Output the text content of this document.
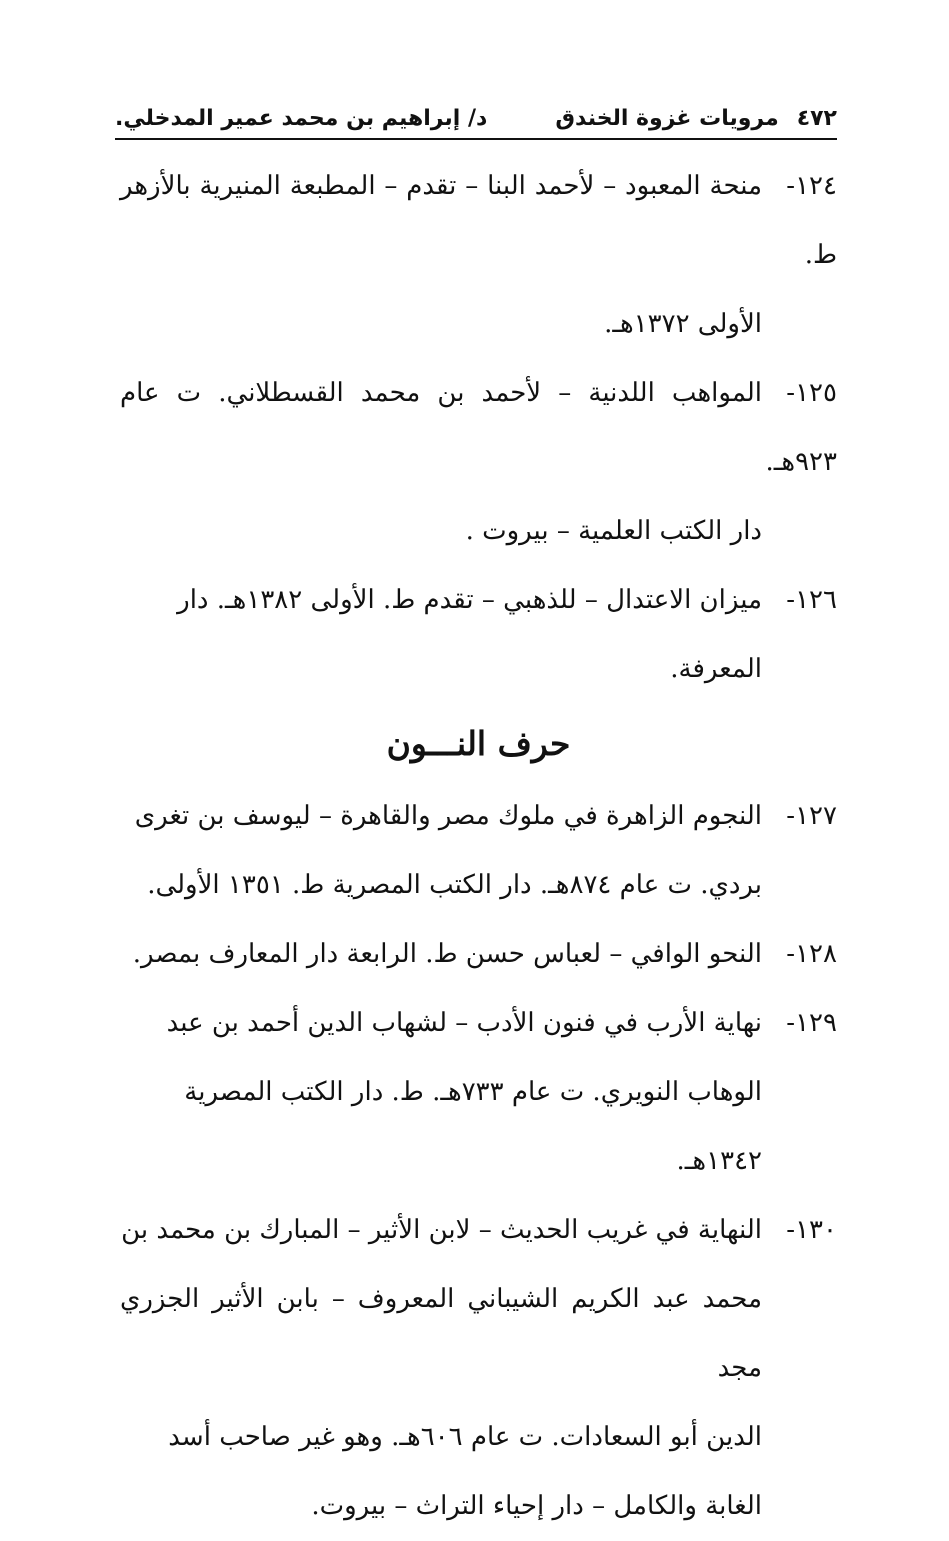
٤٧٢
مرويات غزوة الخندق
د/ إبراهيم بن محمد عمير المدخلي.
١٢٤-منحة المعبود – لأحمد البنا – تقدم – المطبعة المنيرية بالأزهر ط.
الأولى ١٣٧٢هـ.
١٢٥-المواهب اللدنية – لأحمد بن محمد القسطلاني. ت عام ٩٢٣هـ.
دار الكتب العلمية – بيروت .
١٢٦-ميزان الاعتدال – للذهبي – تقدم ط. الأولى ١٣٨٢هـ. دار
المعرفة.
حرف النـــون
١٢٧-النجوم الزاهرة في ملوك مصر والقاهرة – ليوسف بن تغرى
بردي. ت عام ٨٧٤هـ. دار الكتب المصرية ط. ١٣٥١ الأولى.
١٢٨-النحو الوافي – لعباس حسن ط. الرابعة دار المعارف بمصر.
١٢٩-نهاية الأرب في فنون الأدب – لشهاب الدين أحمد بن عبد
الوهاب النويري. ت عام ٧٣٣هـ. ط. دار الكتب المصرية
١٣٤٢هـ.
١٣٠-النهاية في غريب الحديث – لابن الأثير – المبارك بن محمد بن
محمد عبد الكريم الشيباني المعروف – بابن الأثير الجزري مجد
الدين أبو السعادات. ت عام ٦٠٦هـ. وهو غير صاحب أسد
الغابة والكامل – دار إحياء التراث – بيروت.
